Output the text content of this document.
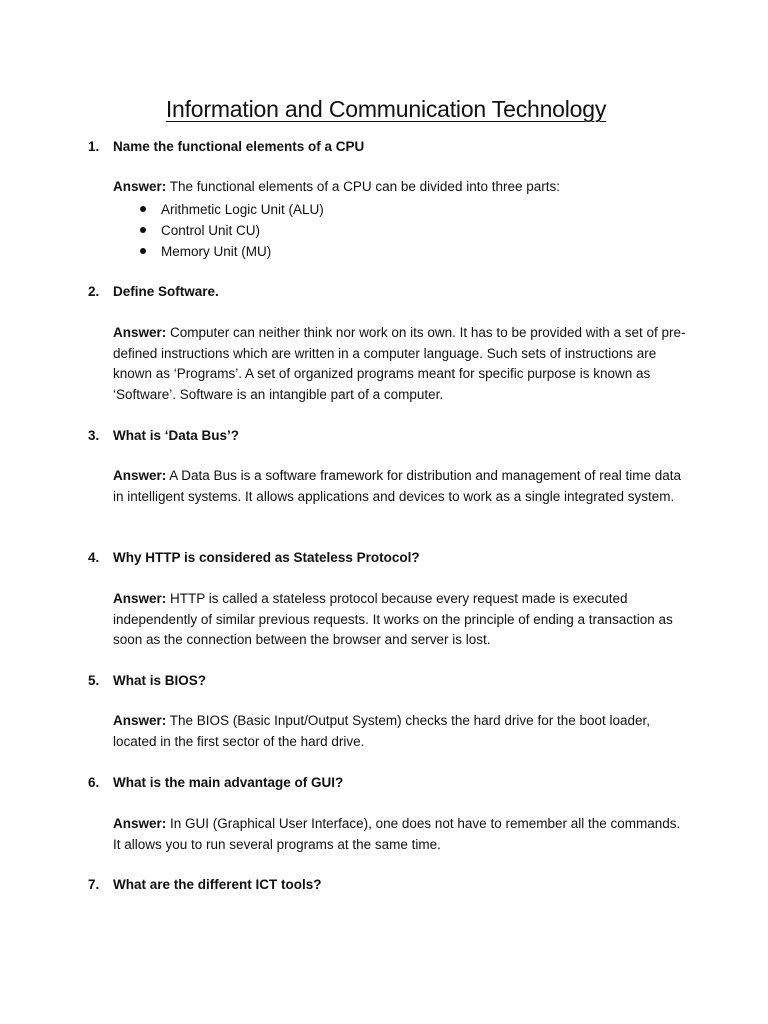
Information and Communication Technology
1.	Name the functional elements of a CPU
Answer: The functional elements of a CPU can be divided into three parts:
Arithmetic Logic Unit (ALU)
Control Unit CU)
Memory Unit (MU)
2.	Define Software.
Answer: Computer can neither think nor work on its own. It has to be provided with a set of pre-defined instructions which are written in a computer language. Such sets of instructions are known as ‘Programs’. A set of organized programs meant for specific purpose is known as ‘Software’. Software is an intangible part of a computer.
3.	What is ‘Data Bus’?
Answer: A Data Bus is a software framework for distribution and management of real time data in intelligent systems. It allows applications and devices to work as a single integrated system.
4.	Why HTTP is considered as Stateless Protocol?
Answer: HTTP is called a stateless protocol because every request made is executed independently of similar previous requests. It works on the principle of ending a transaction as soon as the connection between the browser and server is lost.
5.	What is BIOS?
Answer: The BIOS (Basic Input/Output System) checks the hard drive for the boot loader, located in the first sector of the hard drive.
6.	What is the main advantage of GUI?
Answer: In GUI (Graphical User Interface), one does not have to remember all the commands. It allows you to run several programs at the same time.
7.	What are the different ICT tools?
